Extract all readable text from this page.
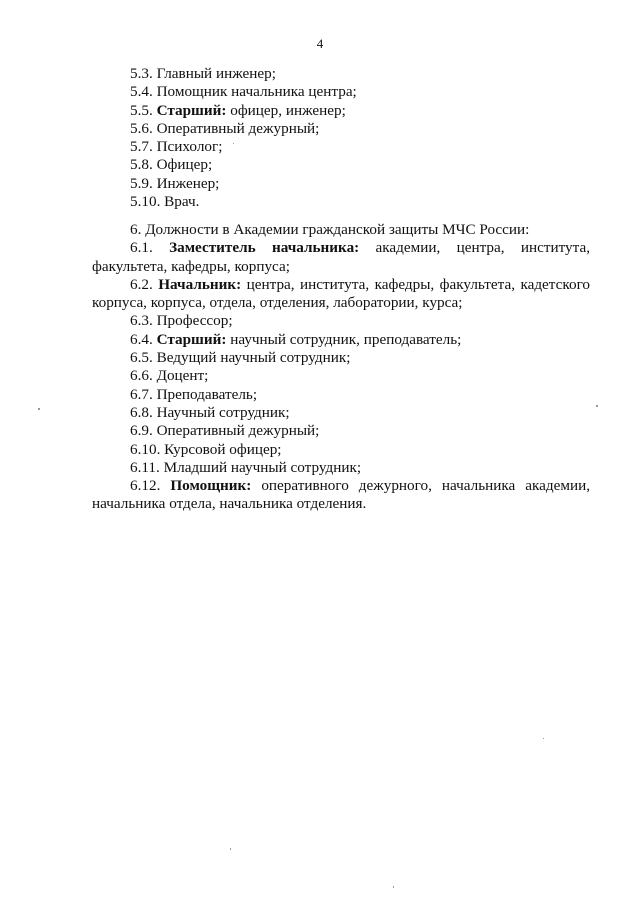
4

5.3. Главный инженер;

5.4. Помощник начальника центра;

5.5. Старший: офицер, инженер;

5.6. Оперативный дежурный;

5.7. Психолог;

5.8. Офицер;

5.9. Инженер;

5.10. Врач.

6. Должности в Академии гражданской защиты МЧС России:

6.1. Заместитель начальника: академии, центра, института, факультета, кафедры, корпуса;

6.2. Начальник: центра, института, кафедры, факультета, кадетского корпуса, корпуса, отдела, отделения, лаборатории, курса;

6.3. Профессор;

6.4. Старший: научный сотрудник, преподаватель;

6.5. Ведущий научный сотрудник;

6.6. Доцент;

6.7. Преподаватель;

6.8. Научный сотрудник;

6.9. Оперативный дежурный;

6.10. Курсовой офицер;

6.11. Младший научный сотрудник;

6.12. Помощник: оперативного дежурного, начальника академии, начальника отдела, начальника отделения.
